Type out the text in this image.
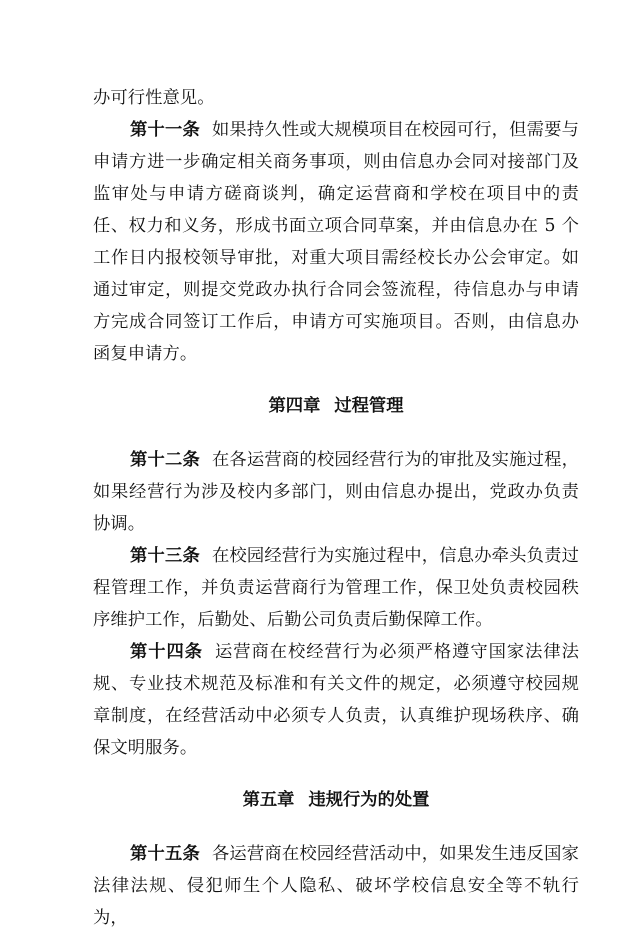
办可行性意见。

第十一条 如果持久性或大规模项目在校园可行，但需要与申请方进一步确定相关商务事项，则由信息办会同对接部门及监审处与申请方磋商谈判，确定运营商和学校在项目中的责任、权力和义务，形成书面立项合同草案，并由信息办在 5 个工作日内报校领导审批，对重大项目需经校长办公会审定。如通过审定，则提交党政办执行合同会签流程，待信息办与申请方完成合同签订工作后，申请方可实施项目。否则，由信息办函复申请方。

第四章 过程管理

第十二条 在各运营商的校园经营行为的审批及实施过程，如果经营行为涉及校内多部门，则由信息办提出，党政办负责协调。

第十三条 在校园经营行为实施过程中，信息办牵头负责过程管理工作，并负责运营商行为管理工作，保卫处负责校园秩序维护工作，后勤处、后勤公司负责后勤保障工作。

第十四条 运营商在校经营行为必须严格遵守国家法律法规、专业技术规范及标准和有关文件的规定，必须遵守校园规章制度，在经营活动中必须专人负责，认真维护现场秩序、确保文明服务。

第五章 违规行为的处置

第十五条 各运营商在校园经营活动中，如果发生违反国家法律法规、侵犯师生个人隐私、破坏学校信息安全等不轨行为，
